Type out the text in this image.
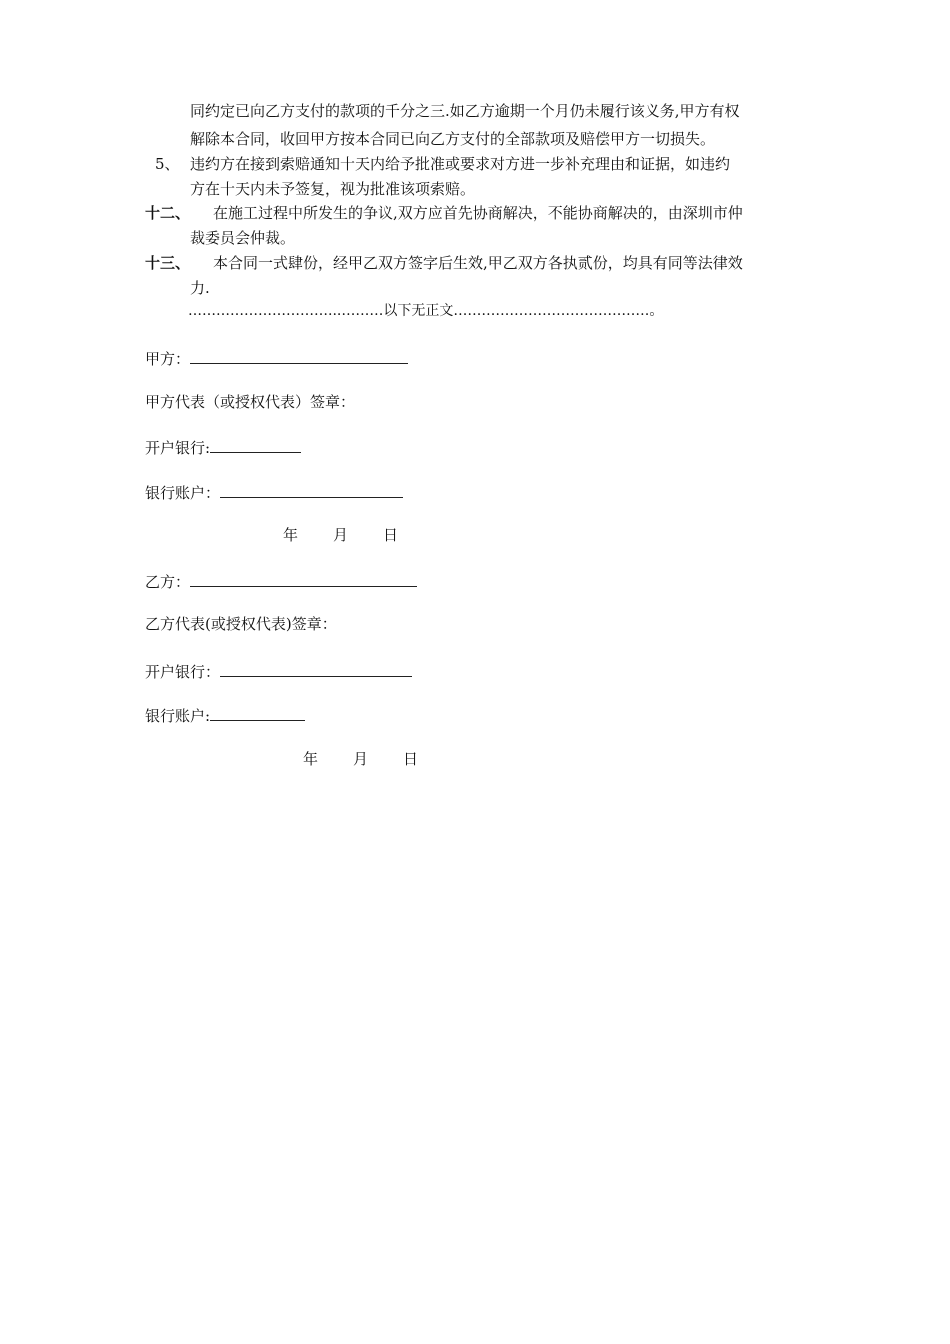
同约定已向乙方支付的款项的千分之三.如乙方逾期一个月仍未履行该义务,甲方有权
解除本合同，收回甲方按本合同已向乙方支付的全部款项及赔偿甲方一切损失。
5、 违约方在接到索赔通知十天内给予批准或要求对方进一步补充理由和证据，如违约
方在十天内未予签复，视为批准该项索赔。
十二、 在施工过程中所发生的争议,双方应首先协商解决，不能协商解决的，由深圳市仲
裁委员会仲裁。
十三、 本合同一式肆份，经甲乙双方签字后生效,甲乙双方各执贰份，均具有同等法律效
力.
…………………………...………以下无正文……………………………………。
甲方：
甲方代表（或授权代表）签章：
开户银行:
银行账户：
年 月 日
乙方：
乙方代表(或授权代表)签章：
开户银行：
银行账户:
年 月 日
